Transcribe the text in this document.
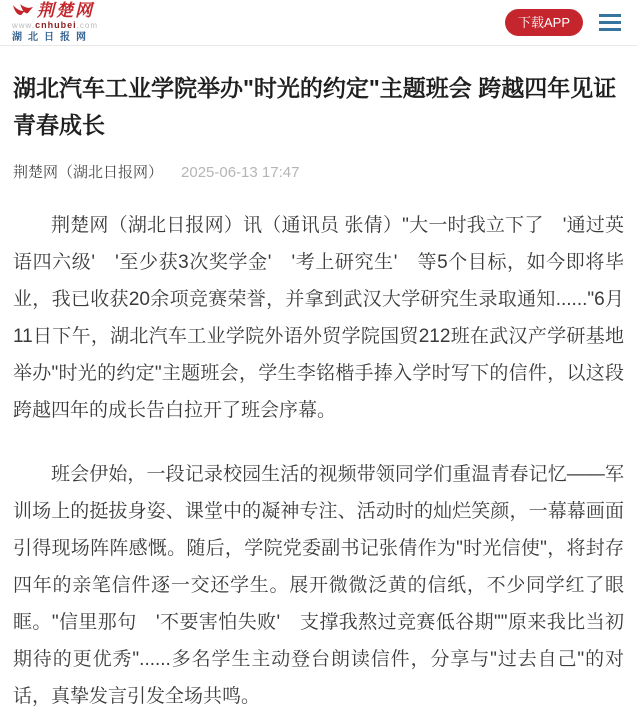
荆楚网
www.cnhubei.com
湖北日报网
下载APP
湖北汽车工业学院举办"时光的约定"主题班会 跨越四年见证青春成长
荆楚网（湖北日报网） 2025-06-13 17:47

荆楚网（湖北日报网）讯（通讯员 张倩）"大一时我立下了　'通过英语四六级'　'至少获3次奖学金'　'考上研究生'　等5个目标，如今即将毕业，我已收获20余项竞赛荣誉，并拿到武汉大学研究生录取通知......"6月11日下午，湖北汽车工业学院外语外贸学院国贸212班在武汉产学研基地举办"时光的约定"主题班会，学生李铭楷手捧入学时写下的信件，以这段跨越四年的成长告白拉开了班会序幕。

班会伊始，一段记录校园生活的视频带领同学们重温青春记忆——军训场上的挺拔身姿、课堂中的凝神专注、活动时的灿烂笑颜，一幕幕画面引得现场阵阵感慨。随后，学院党委副书记张倩作为"时光信使"，将封存四年的亲笔信件逐一交还学生。展开微微泛黄的信纸，不少同学红了眼眶。"信里那句　'不要害怕失败'　支撑我熬过竞赛低谷期""原来我比当初期待的更优秀"......多名学生主动登台朗读信件，分享与"过去自己"的对话，真挚发言引发全场共鸣。
